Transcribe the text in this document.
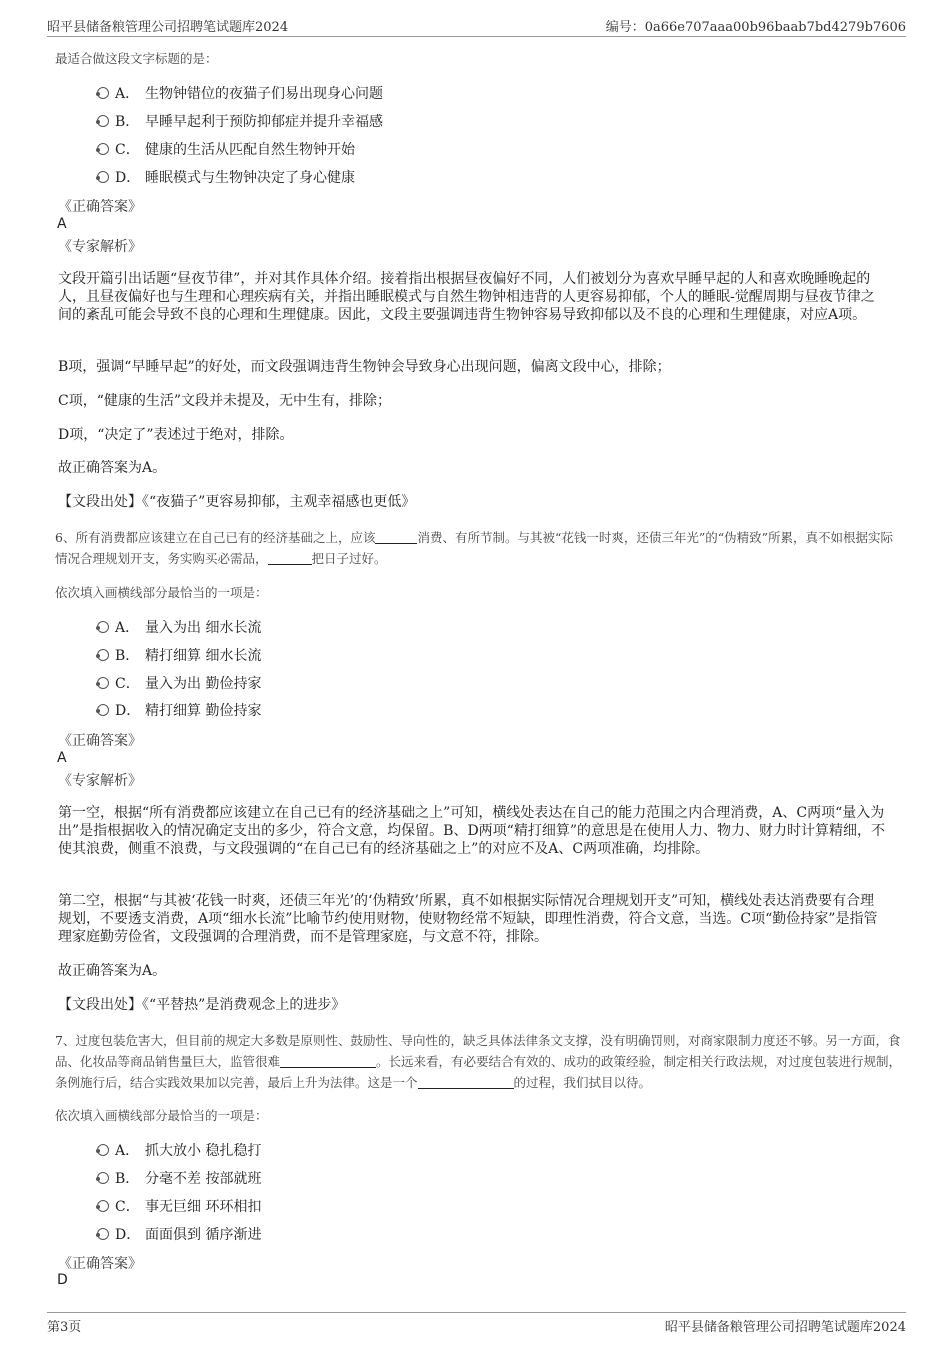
昭平县储备粮管理公司招聘笔试题库2024	编号：0a66e707aaa00b96baab7bd4279b7606
最适合做这段文字标题的是：
A． 生物钟错位的夜猫子们易出现身心问题
B． 早睡早起利于预防抑郁症并提升幸福感
C． 健康的生活从匹配自然生物钟开始
D． 睡眠模式与生物钟决定了身心健康
《正确答案》
A
《专家解析》
文段开篇引出话题“昼夜节律”，并对其作具体介绍。接着指出根据昼夜偏好不同，人们被划分为喜欢早睡早起的人和喜欢晚睡晚起的人，且昼夜偏好也与生理和心理疾病有关，并指出睡眠模式与自然生物钟相违背的人更容易抑郁，个人的睡眠-觉醒周期与昼夜节律之间的紊乱可能会导致不良的心理和生理健康。因此，文段主要强调违背生物钟容易导致抑郁以及不良的心理和生理健康，对应A项。
B项，强调“早睡早起”的好处，而文段强调违背生物钟会导致身心出现问题，偏离文段中心，排除；
C项，“健康的生活”文段并未提及，无中生有，排除；
D项，“决定了”表述过于绝对，排除。
故正确答案为A。
【文段出处】《“夜猫子”更容易抑郁，主观幸福感也更低》
6、所有消费都应该建立在自己已有的经济基础之上，应该	消费、有所节制。与其被“花钱一时爽，还债三年光”的“伪精致”所累，真不如根据实际情况合理规划开支，务实购买必需品，	把日子过好。
依次填入画横线部分最恰当的一项是：
A． 量入为出 细水长流
B． 精打细算 细水长流
C． 量入为出 勤俭持家
D． 精打细算 勤俭持家
《正确答案》
A
《专家解析》
第一空，根据“所有消费都应该建立在自己已有的经济基础之上”可知，横线处表达在自己的能力范围之内合理消费，A、C两项“量入为出”是指根据收入的情况确定支出的多少，符合文意，均保留。B、D两项“精打细算”的意思是在使用人力、物力、财力时计算精细，不使其浪费，侧重不浪费，与文段强调的“在自己已有的经济基础之上”的对应不及A、C两项准确，均排除。
第二空，根据“与其被‘花钱一时爽，还债三年光’的‘伪精致’所累，真不如根据实际情况合理规划开支”可知，横线处表达消费要有合理规划，不要透支消费，A项“细水长流”比喻节约使用财物，使财物经常不短缺，即理性消费，符合文意，当选。C项“勤俭持家”是指管理家庭勤劳俭省，文段强调的合理消费，而不是管理家庭，与文意不符，排除。
故正确答案为A。
【文段出处】《“平替热”是消费观念上的进步》
7、过度包装危害大，但目前的规定大多数是原则性、鼓励性、导向性的，缺乏具体法律条文支撑，没有明确罚则，对商家限制力度还不够。另一方面，食品、化妆品等商品销售量巨大，监管很难	。长远来看，有必要结合有效的、成功的政策经验，制定相关行政法规，对过度包装进行规制，条例施行后，结合实践效果加以完善，最后上升为法律。这是一个	的过程，我们拭目以待。
依次填入画横线部分最恰当的一项是：
A． 抓大放小 稳扎稳打
B． 分毫不差 按部就班
C． 事无巨细 环环相扣
D． 面面俱到 循序渐进
《正确答案》
D
第3页	昭平县储备粮管理公司招聘笔试题库2024
